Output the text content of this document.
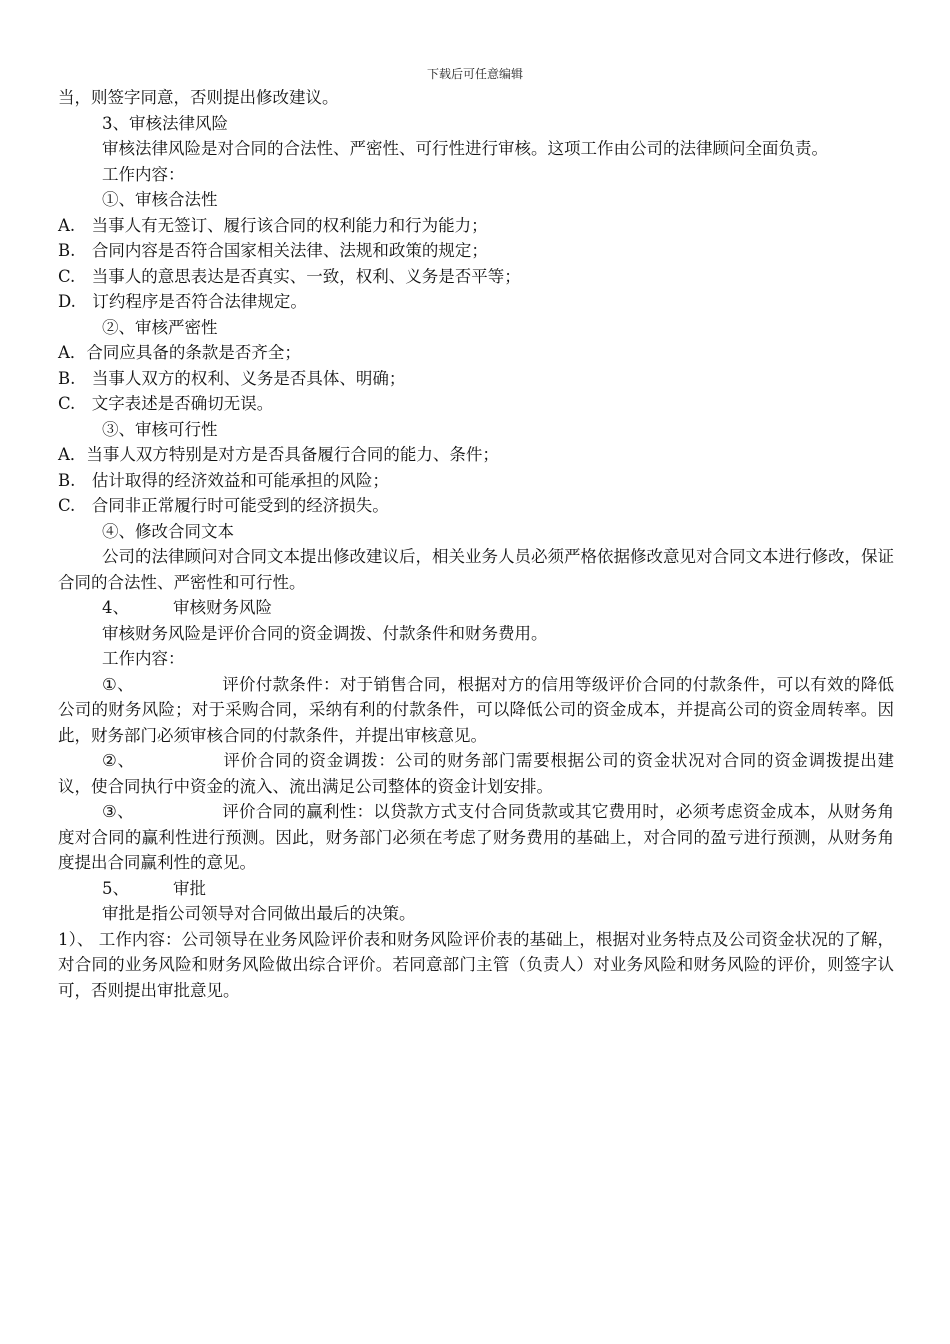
下载后可任意编辑

当，则签字同意，否则提出修改建议。

3、审核法律风险

审核法律风险是对合同的合法性、严密性、可行性进行审核。这项工作由公司的法律顾问全面负责。

工作内容：

①、审核合法性

A.　当事人有无签订、履行该合同的权利能力和行为能力；

B.　合同内容是否符合国家相关法律、法规和政策的规定；

C.　当事人的意思表达是否真实、一致，权利、义务是否平等；

D.　订约程序是否符合法律规定。

②、审核严密性

A．合同应具备的条款是否齐全；

B.　当事人双方的权利、义务是否具体、明确；

C.　文字表述是否确切无误。

③、审核可行性

A．当事人双方特别是对方是否具备履行合同的能力、条件；

B.　估计取得的经济效益和可能承担的风险；

C.　合同非正常履行时可能受到的经济损失。

④、修改合同文本

公司的法律顾问对合同文本提出修改建议后，相关业务人员必须严格依据修改意见对合同文本进行修改，保证合同的合法性、严密性和可行性。

4、	审核财务风险

审核财务风险是评价合同的资金调拨、付款条件和财务费用。

工作内容：

①、	评价付款条件：对于销售合同，根据对方的信用等级评价合同的付款条件，可以有效的降低公司的财务风险；对于采购合同，采纳有利的付款条件，可以降低公司的资金成本，并提高公司的资金周转率。因此，财务部门必须审核合同的付款条件，并提出审核意见。

②、	评价合同的资金调拨：公司的财务部门需要根据公司的资金状况对合同的资金调拨提出建议，使合同执行中资金的流入、流出满足公司整体的资金计划安排。

③、	评价合同的赢利性：以贷款方式支付合同货款或其它费用时，必须考虑资金成本，从财务角度对合同的赢利性进行预测。因此，财务部门必须在考虑了财务费用的基础上，对合同的盈亏进行预测，从财务角度提出合同赢利性的意见。

5、	审批

审批是指公司领导对合同做出最后的决策。

1）、 工作内容：公司领导在业务风险评价表和财务风险评价表的基础上，根据对业务特点及公司资金状况的了解，对合同的业务风险和财务风险做出综合评价。若同意部门主管（负责人）对业务风险和财务风险的评价，则签字认可，否则提出审批意见。
